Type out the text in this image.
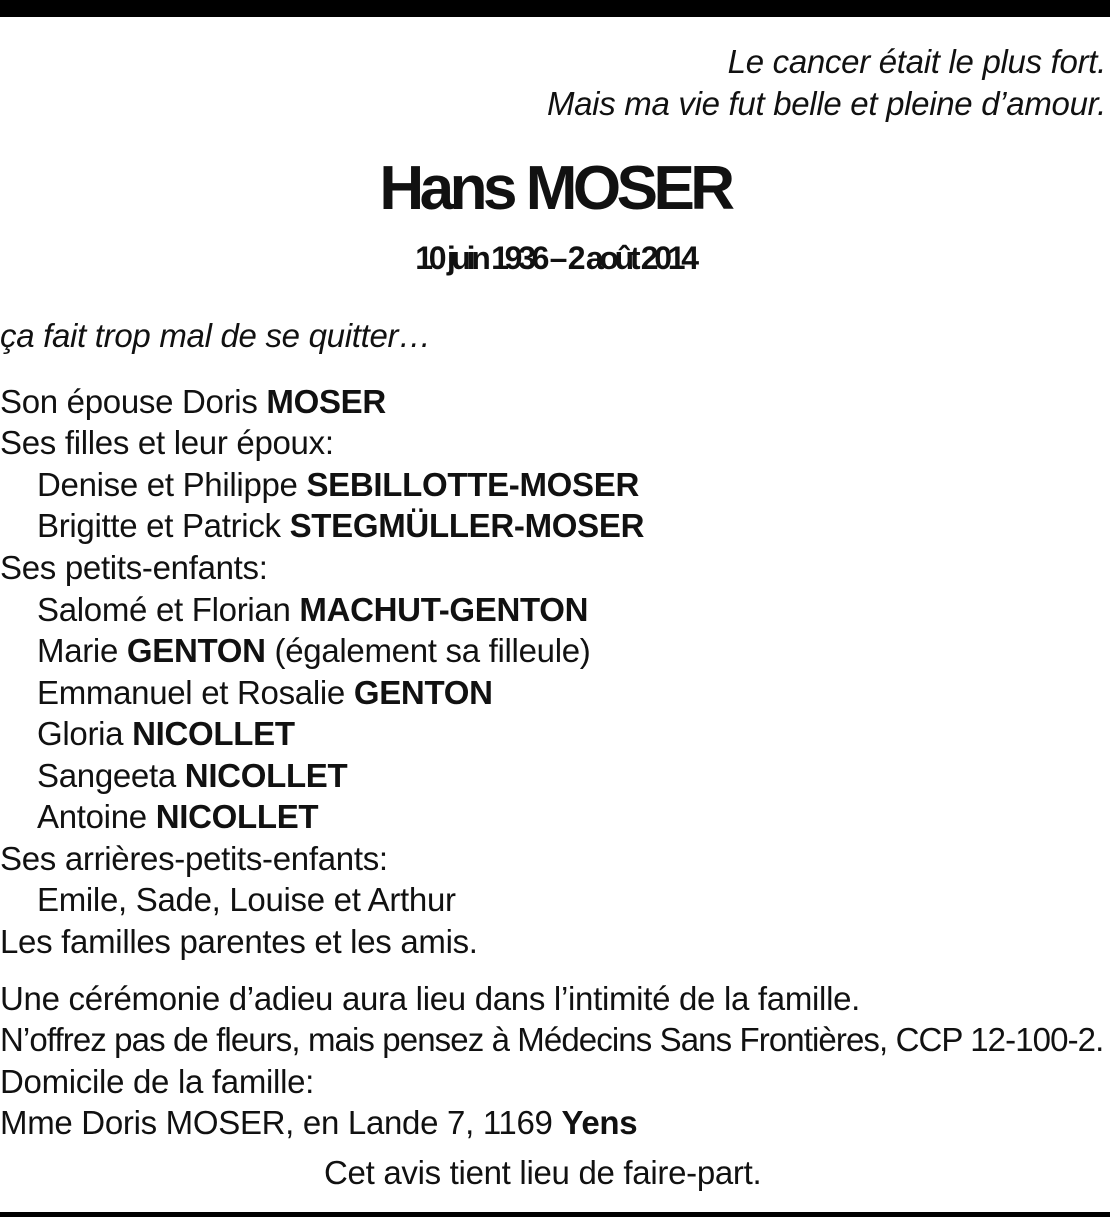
Le cancer était le plus fort.
Mais ma vie fut belle et pleine d’amour.
Hans MOSER
10 juin 1936 – 2 août 2014
ça fait trop mal de se quitter…
Son épouse Doris MOSER
Ses filles et leur époux:
Denise et Philippe SEBILLOTTE-MOSER
Brigitte et Patrick STEGMÜLLER-MOSER
Ses petits-enfants:
Salomé et Florian MACHUT-GENTON
Marie GENTON (également sa filleule)
Emmanuel et Rosalie GENTON
Gloria NICOLLET
Sangeeta NICOLLET
Antoine NICOLLET
Ses arrières-petits-enfants:
Emile, Sade, Louise et Arthur
Les familles parentes et les amis.
Une cérémonie d’adieu aura lieu dans l’intimité de la famille.
N’offrez pas de fleurs, mais pensez à Médecins Sans Frontières, CCP 12-100-2.
Domicile de la famille:
Mme Doris MOSER, en Lande 7, 1169 Yens
Cet avis tient lieu de faire-part.
